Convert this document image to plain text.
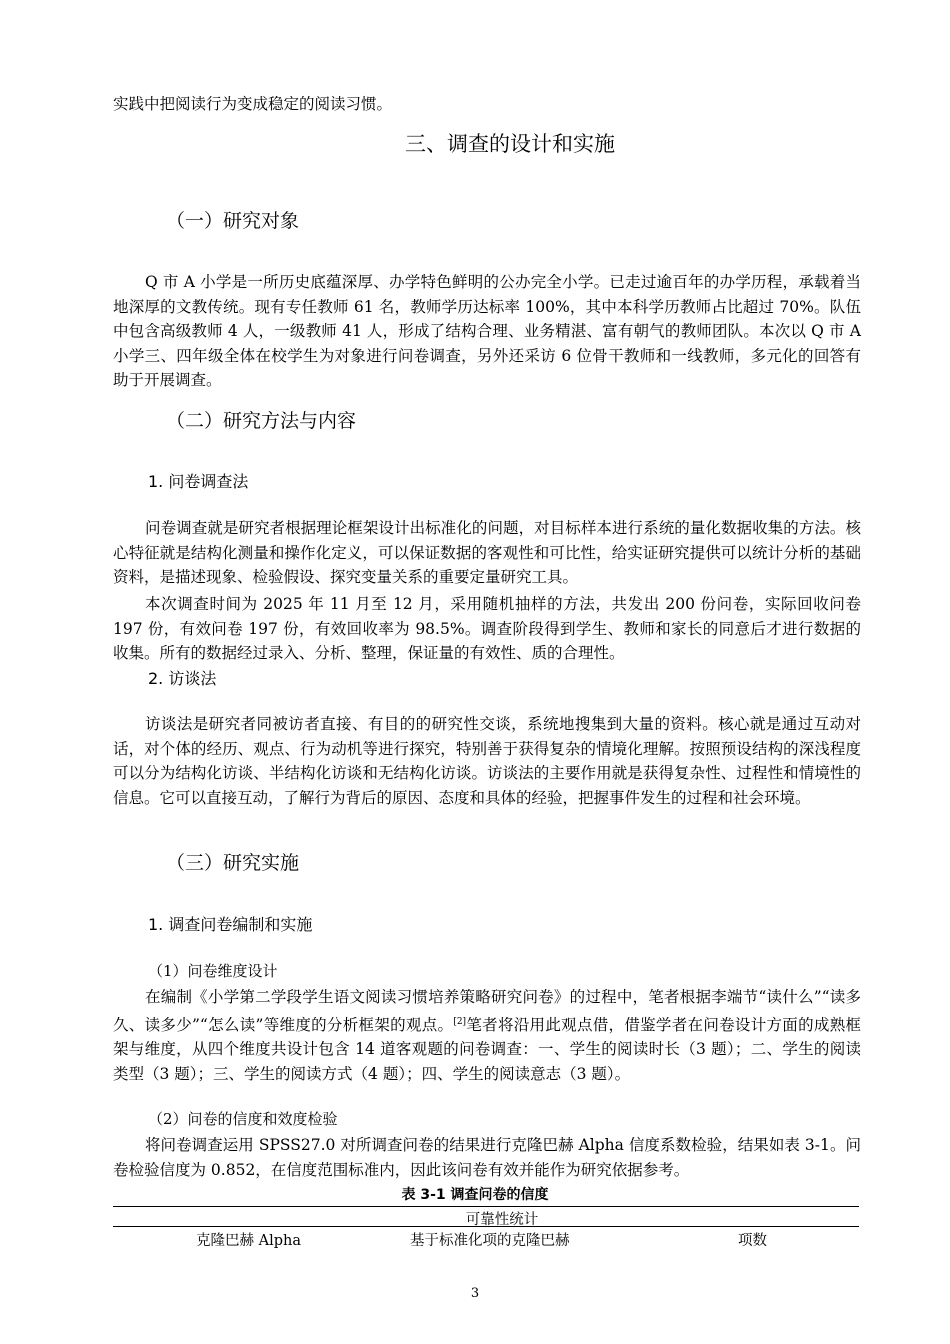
实践中把阅读行为变成稳定的阅读习惯。

三、调查的设计和实施
（一）研究对象

Q 市 A 小学是一所历史底蕴深厚、办学特色鲜明的公办完全小学。已走过逾百年的办学历程，承载着当地深厚的文教传统。现有专任教师 61 名，教师学历达标率 100%，其中本科学历教师占比超过 70%。队伍中包含高级教师 4 人，一级教师 41 人，形成了结构合理、业务精湛、富有朝气的教师团队。本次以 Q 市 A 小学三、四年级全体在校学生为对象进行问卷调查，另外还采访 6 位骨干教师和一线教师，多元化的回答有助于开展调查。

（二）研究方法与内容
1. 问卷调查法

问卷调查就是研究者根据理论框架设计出标准化的问题，对目标样本进行系统的量化数据收集的方法。核心特征就是结构化测量和操作化定义，可以保证数据的客观性和可比性，给实证研究提供可以统计分析的基础资料，是描述现象、检验假设、探究变量关系的重要定量研究工具。

本次调查时间为 2025 年 11 月至 12 月，采用随机抽样的方法，共发出 200 份问卷，实际回收问卷 197 份，有效问卷 197 份，有效回收率为 98.5%。调查阶段得到学生、教师和家长的同意后才进行数据的收集。所有的数据经过录入、分析、整理，保证量的有效性、质的合理性。

2. 访谈法

访谈法是研究者同被访者直接、有目的的研究性交谈，系统地搜集到大量的资料。核心就是通过互动对话，对个体的经历、观点、行为动机等进行探究，特别善于获得复杂的情境化理解。按照预设结构的深浅程度可以分为结构化访谈、半结构化访谈和无结构化访谈。访谈法的主要作用就是获得复杂性、过程性和情境性的信息。它可以直接互动，了解行为背后的原因、态度和具体的经验，把握事件发生的过程和社会环境。

（三）研究实施
1. 调查问卷编制和实施

（1）问卷维度设计

在编制《小学第二学段学生语文阅读习惯培养策略研究问卷》的过程中，笔者根据李端节“读什么”“读多久、读多少”“怎么读”等维度的分析框架的观点。[2]笔者将沿用此观点借，借鉴学者在问卷设计方面的成熟框架与维度，从四个维度共设计包含 14 道客观题的问卷调查：一、学生的阅读时长（3 题）；二、学生的阅读类型（3 题）；三、学生的阅读方式（4 题）；四、学生的阅读意志（3 题）。

（2）问卷的信度和效度检验

将问卷调查运用 SPSS27.0 对所调查问卷的结果进行克隆巴赫 Alpha 信度系数检验，结果如表 3-1。问卷检验信度为 0.852，在信度范围标准内，因此该问卷有效并能作为研究依据参考。

表 3-1 调查问卷的信度

可靠性统计

克隆巴赫 Alpha	基于标准化项的克隆巴赫	项数

3
